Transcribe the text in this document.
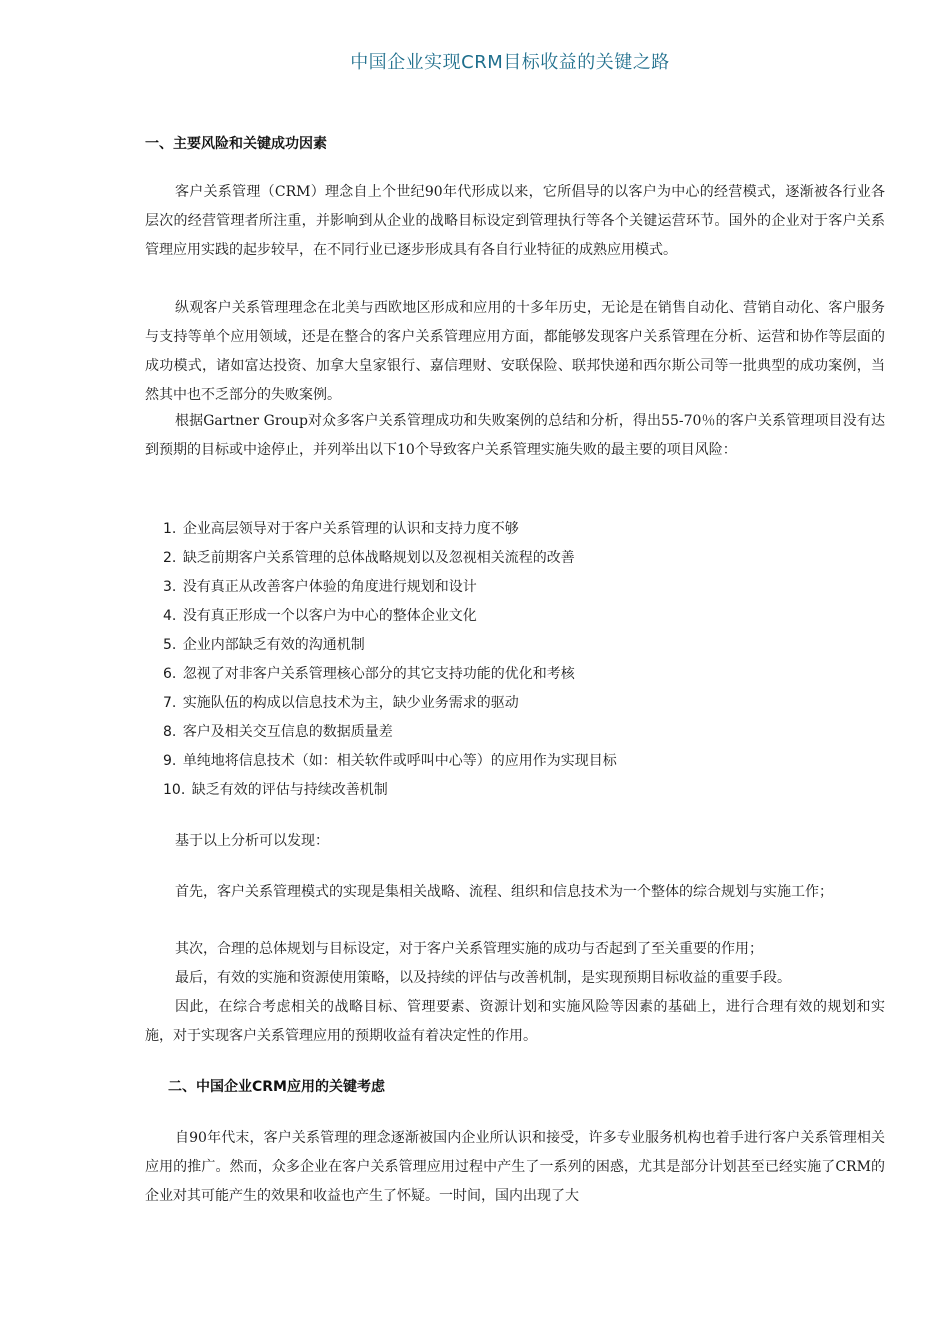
中国企业实现CRM目标收益的关键之路
一、主要风险和关键成功因素

客户关系管理（CRM）理念自上个世纪90年代形成以来，它所倡导的以客户为中心的经营模式，逐渐被各行业各层次的经营管理者所注重，并影响到从企业的战略目标设定到管理执行等各个关键运营环节。国外的企业对于客户关系管理应用实践的起步较早，在不同行业已逐步形成具有各自行业特征的成熟应用模式。

纵观客户关系管理理念在北美与西欧地区形成和应用的十多年历史，无论是在销售自动化、营销自动化、客户服务与支持等单个应用领域，还是在整合的客户关系管理应用方面，都能够发现客户关系管理在分析、运营和协作等层面的成功模式，诸如富达投资、加拿大皇家银行、嘉信理财、安联保险、联邦快递和西尔斯公司等一批典型的成功案例，当然其中也不乏部分的失败案例。

根据Gartner Group对众多客户关系管理成功和失败案例的总结和分析，得出55-70％的客户关系管理项目没有达到预期的目标或中途停止，并列举出以下10个导致客户关系管理实施失败的最主要的项目风险：

1. 企业高层领导对于客户关系管理的认识和支持力度不够
2. 缺乏前期客户关系管理的总体战略规划以及忽视相关流程的改善
3. 没有真正从改善客户体验的角度进行规划和设计
4. 没有真正形成一个以客户为中心的整体企业文化
5. 企业内部缺乏有效的沟通机制
6. 忽视了对非客户关系管理核心部分的其它支持功能的优化和考核
7. 实施队伍的构成以信息技术为主，缺少业务需求的驱动
8. 客户及相关交互信息的数据质量差
9. 单纯地将信息技术（如：相关软件或呼叫中心等）的应用作为实现目标
10. 缺乏有效的评估与持续改善机制

基于以上分析可以发现：

首先，客户关系管理模式的实现是集相关战略、流程、组织和信息技术为一个整体的综合规划与实施工作；

其次，合理的总体规划与目标设定，对于客户关系管理实施的成功与否起到了至关重要的作用；

最后，有效的实施和资源使用策略，以及持续的评估与改善机制，是实现预期目标收益的重要手段。

因此，在综合考虑相关的战略目标、管理要素、资源计划和实施风险等因素的基础上，进行合理有效的规划和实施，对于实现客户关系管理应用的预期收益有着决定性的作用。

二、中国企业CRM应用的关键考虑

自90年代末，客户关系管理的理念逐渐被国内企业所认识和接受，许多专业服务机构也着手进行客户关系管理相关应用的推广。然而，众多企业在客户关系管理应用过程中产生了一系列的困惑，尤其是部分计划甚至已经实施了CRM的企业对其可能产生的效果和收益也产生了怀疑。一时间，国内出现了大
